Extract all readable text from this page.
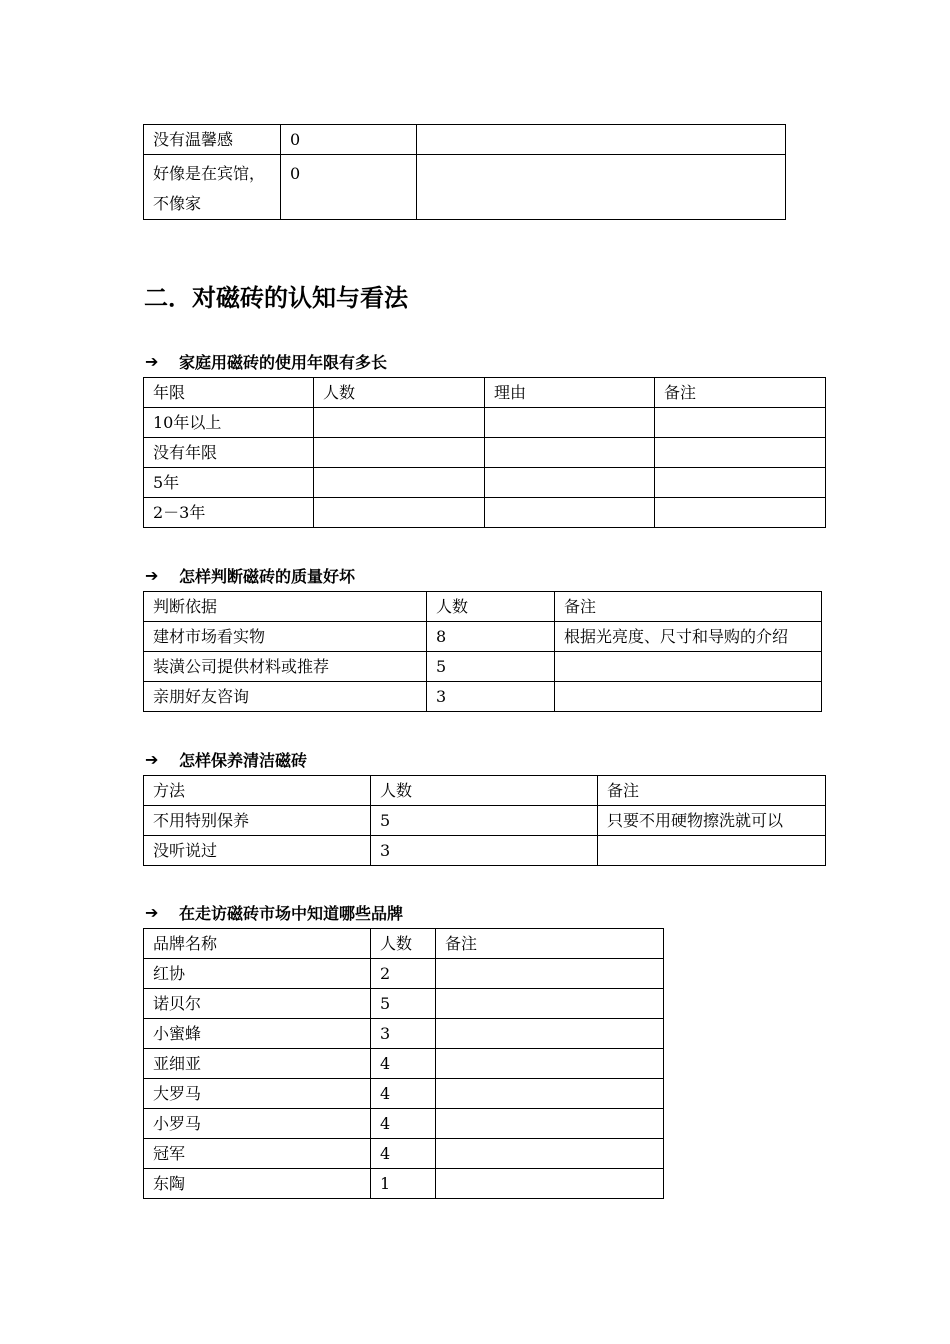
没有温馨感	0	
好像是在宾馆，不像家	0	
二．对磁砖的认知与看法
➔	家庭用磁砖的使用年限有多长
年限	人数	理由	备注
10年以上			
没有年限			
5年			
2－3年			
➔	怎样判断磁砖的质量好坏
判断依据	人数	备注
建材市场看实物	8	根据光亮度、尺寸和导购的介绍
装潢公司提供材料或推荐	5	
亲朋好友咨询	3	
➔	怎样保养清洁磁砖
方法	人数	备注
不用特别保养	5	只要不用硬物擦洗就可以
没听说过	3	
➔	在走访磁砖市场中知道哪些品牌
品牌名称	人数	备注
红协	2	
诺贝尔	5	
小蜜蜂	3	
亚细亚	4	
大罗马	4	
小罗马	4	
冠军	4	
东陶	1	
